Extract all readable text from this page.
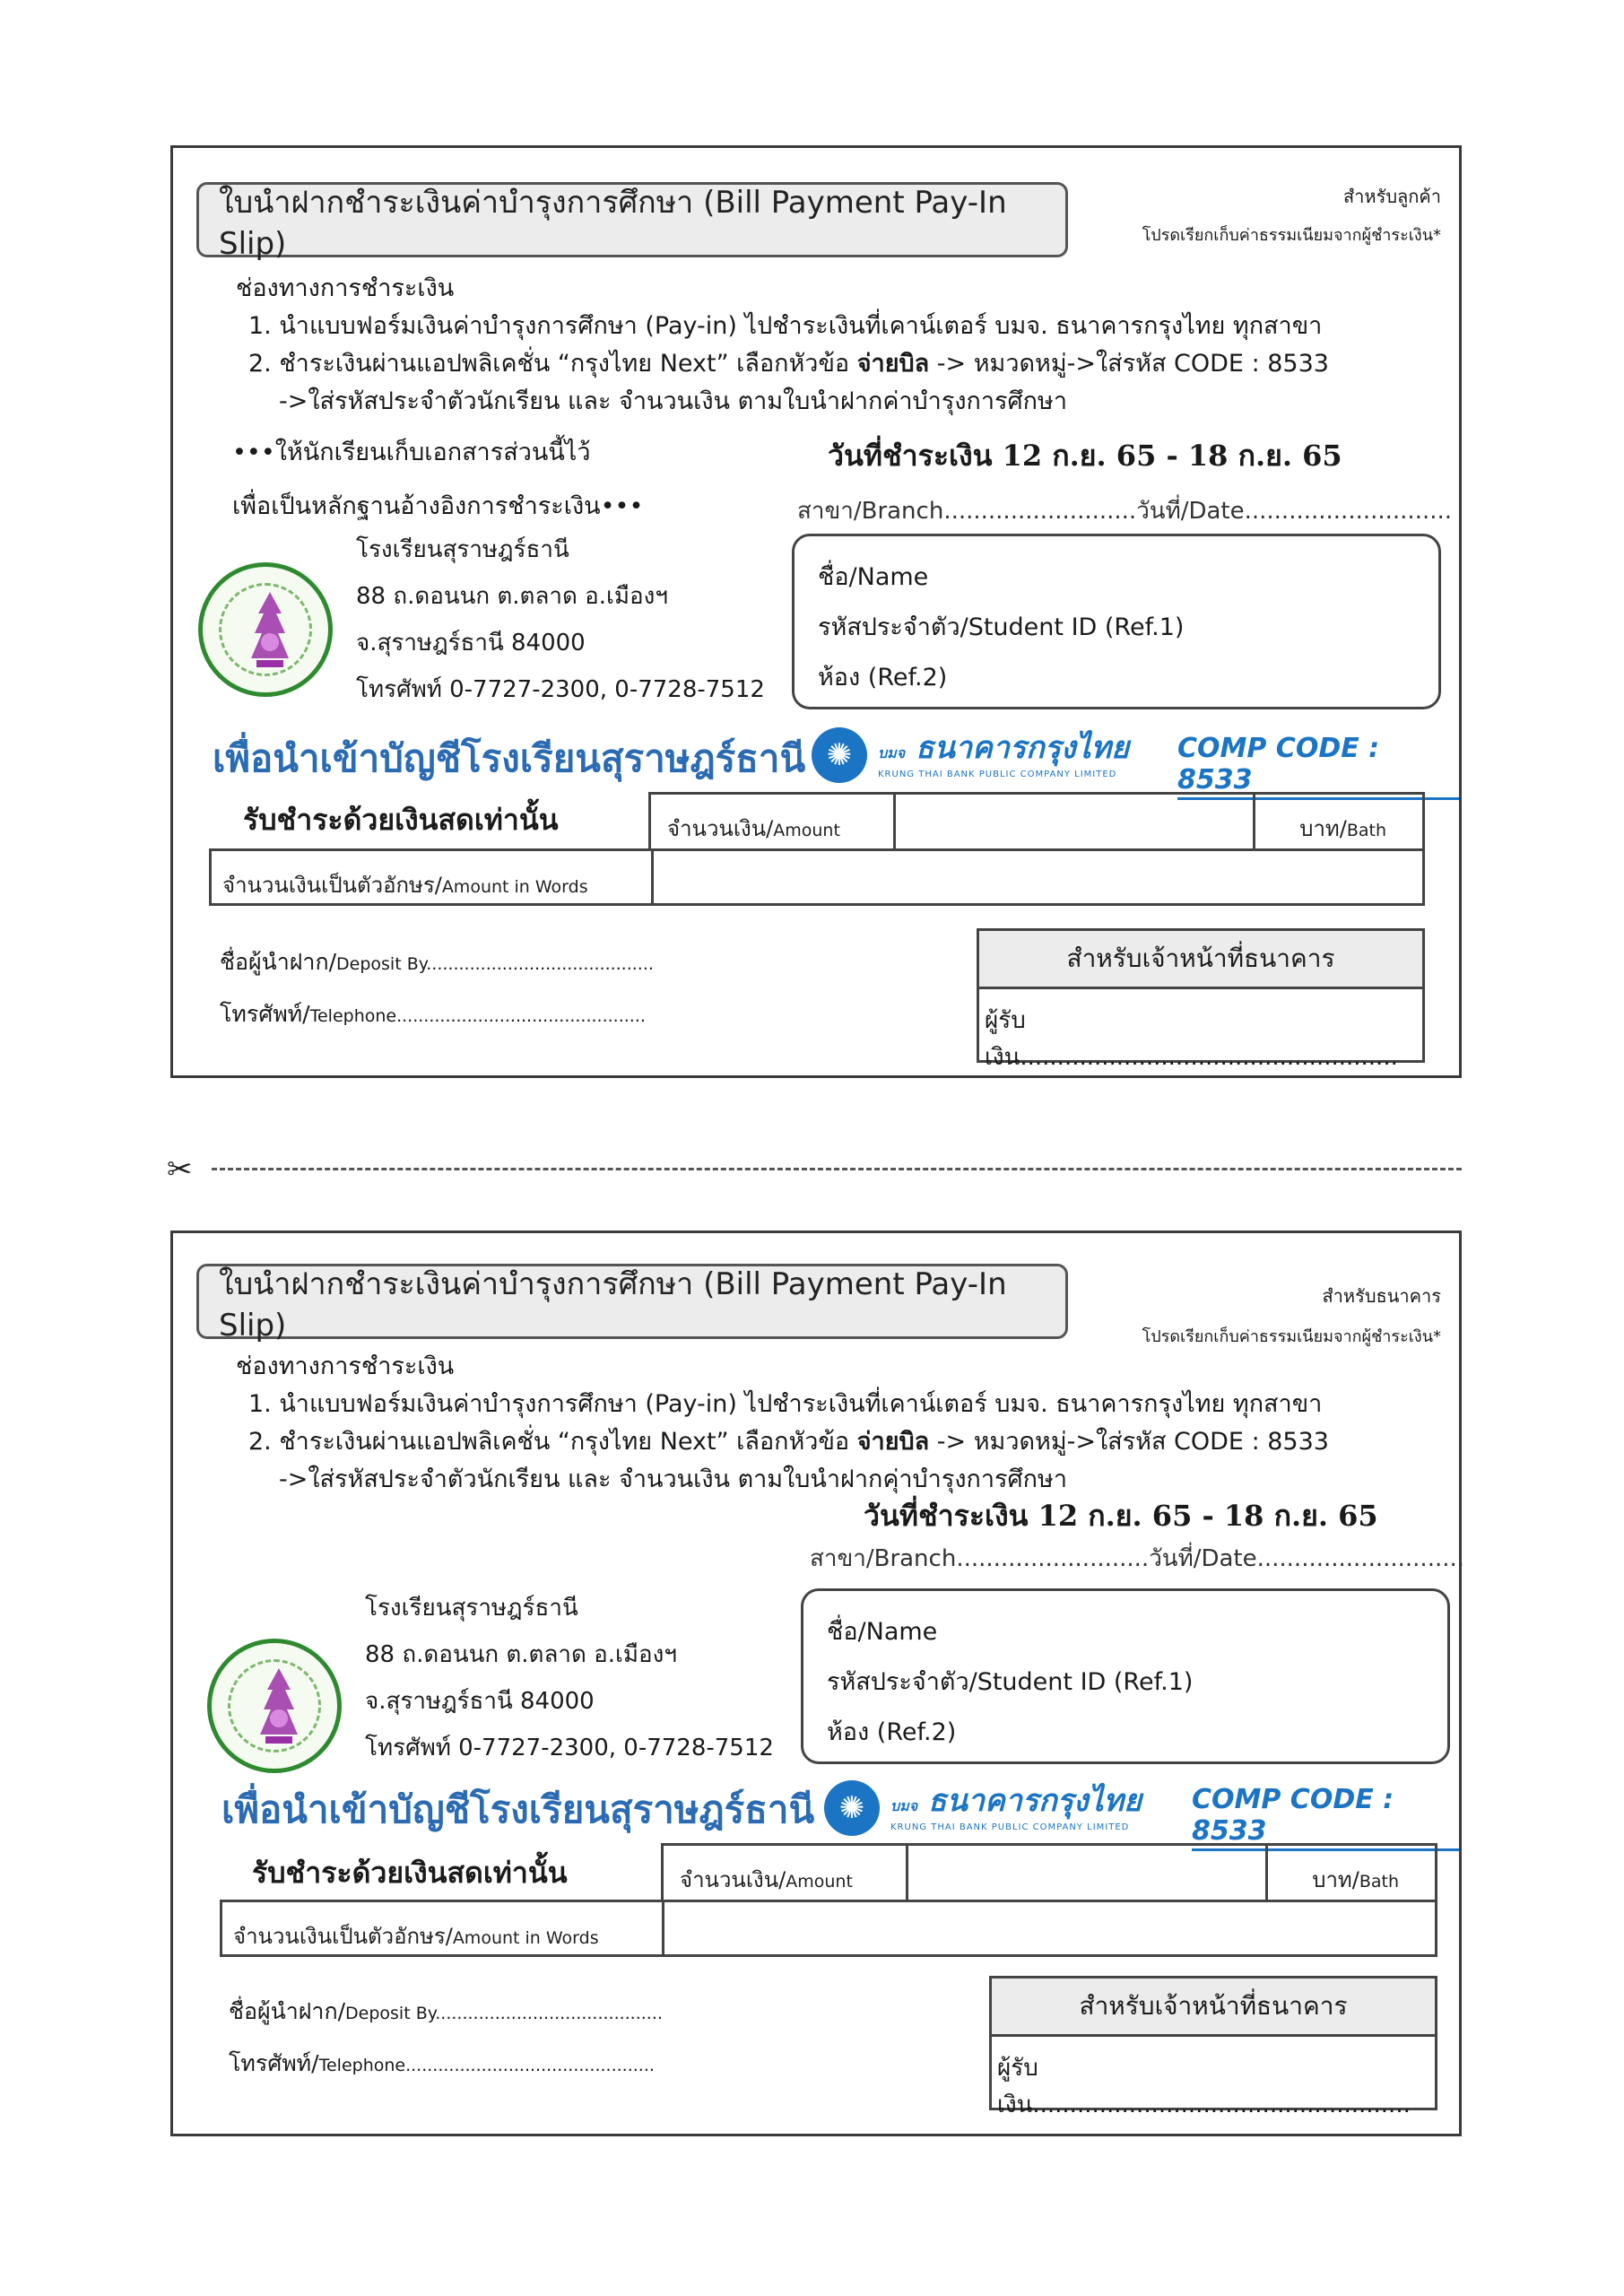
ใบนำฝากชำระเงินค่าบำรุงการศึกษา (Bill Payment Pay-In Slip)
สำหรับลูกค้า
โปรดเรียกเก็บค่าธรรมเนียมจากผู้ชำระเงิน*
ช่องทางการชำระเงิน
1. นำแบบฟอร์มเงินค่าบำรุงการศึกษา (Pay-in) ไปชำระเงินที่เคาน์เตอร์ บมจ. ธนาคารกรุงไทย ทุกสาขา
2. ชำระเงินผ่านแอปพลิเคชั่น “กรุงไทย Next” เลือกหัวข้อ จ่ายบิล -> หมวดหมู่->ใส่รหัส CODE : 8533
->ใส่รหัสประจำตัวนักเรียน และ จำนวนเงิน ตามใบนำฝากค่าบำรุงการศึกษา
•••ให้นักเรียนเก็บเอกสารส่วนนี้ไว้
เพื่อเป็นหลักฐานอ้างอิงการชำระเงิน•••
วันที่ชำระเงิน 12 ก.ย. 65 - 18 ก.ย. 65
สาขา/Branch..........................วันที่/Date............................
โรงเรียนสุราษฎร์ธานี
88 ถ.ดอนนก ต.ตลาด อ.เมืองฯ
จ.สุราษฎร์ธานี 84000
โทรศัพท์ 0-7727-2300, 0-7728-7512
ชื่อ/Name
รหัสประจำตัว/Student ID (Ref.1)
ห้อง (Ref.2)
เพื่อนำเข้าบัญชีโรงเรียนสุราษฎร์ธานี ✺	บมจ ธนาคารกรุงไทย
KRUNG THAI BANK PUBLIC COMPANY LIMITED
COMP CODE : 8533
รับชำระด้วยเงินสดเท่านั้น	จำนวนเงิน/Amount	บาท/Bath
จำนวนเงินเป็นตัวอักษร/Amount in Words
ชื่อผู้นำฝาก/Deposit By..........................................
โทรศัพท์/Telephone..............................................
สำหรับเจ้าหน้าที่ธนาคาร
ผู้รับเงิน...................................................
✂
ใบนำฝากชำระเงินค่าบำรุงการศึกษา (Bill Payment Pay-In Slip)
สำหรับธนาคาร
โปรดเรียกเก็บค่าธรรมเนียมจากผู้ชำระเงิน*
ช่องทางการชำระเงิน
1. นำแบบฟอร์มเงินค่าบำรุงการศึกษา (Pay-in) ไปชำระเงินที่เคาน์เตอร์ บมจ. ธนาคารกรุงไทย ทุกสาขา
2. ชำระเงินผ่านแอปพลิเคชั่น “กรุงไทย Next” เลือกหัวข้อ จ่ายบิล -> หมวดหมู่->ใส่รหัส CODE : 8533
->ใส่รหัสประจำตัวนักเรียน และ จำนวนเงิน ตามใบนำฝากคุ่าบำรุงการศึกษา
วันที่ชำระเงิน 12 ก.ย. 65 - 18 ก.ย. 65
สาขา/Branch..........................วันที่/Date............................
โรงเรียนสุราษฎร์ธานี
88 ถ.ดอนนก ต.ตลาด อ.เมืองฯ
จ.สุราษฎร์ธานี 84000
โทรศัพท์ 0-7727-2300, 0-7728-7512
ชื่อ/Name
รหัสประจำตัว/Student ID (Ref.1)
ห้อง (Ref.2)
เพื่อนำเข้าบัญชีโรงเรียนสุราษฎร์ธานี ✺	บมจ ธนาคารกรุงไทย
KRUNG THAI BANK PUBLIC COMPANY LIMITED
COMP CODE : 8533
รับชำระด้วยเงินสดเท่านั้น	จำนวนเงิน/Amount	บาท/Bath
จำนวนเงินเป็นตัวอักษร/Amount in Words
ชื่อผู้นำฝาก/Deposit By..........................................
โทรศัพท์/Telephone..............................................
สำหรับเจ้าหน้าที่ธนาคาร
ผู้รับเงิน...................................................
